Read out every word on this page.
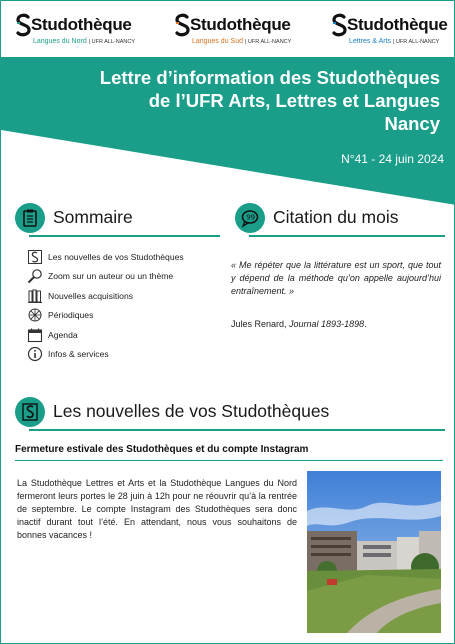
Studothèque
Langues du Nord | UFR ALL-NANCY
Studothèque
Langues du Sud | UFR ALL-NANCY
Studothèque
Lettres & Arts | UFR ALL-NANCY
Lettre d’information des Studothèques
de l’UFR Arts, Lettres et Langues
Nancy
N°41 - 24 juin 2024
Sommaire	99 Citation du mois
Les nouvelles de vos Studothèques
Zoom sur un auteur ou un thème
Nouvelles acquisitions
Périodiques
Agenda
Infos & services
« Me répéter que la littérature est un sport, que tout y dépend de la méthode qu’on appelle aujourd’hui entraînement. »
Jules Renard, Journal 1893-1898.
Les nouvelles de vos Studothèques
Fermeture estivale des Studothèques et du compte Instagram
La Studothèque Lettres et Arts et la Studothèque Langues du Nord fermeront leurs portes le 28 juin à 12h pour ne réouvrir qu’à la rentrée de septembre. Le compte Instagram des Studothèques sera donc inactif durant tout l’été. En attendant, nous vous souhaitons de bonnes vacances !
